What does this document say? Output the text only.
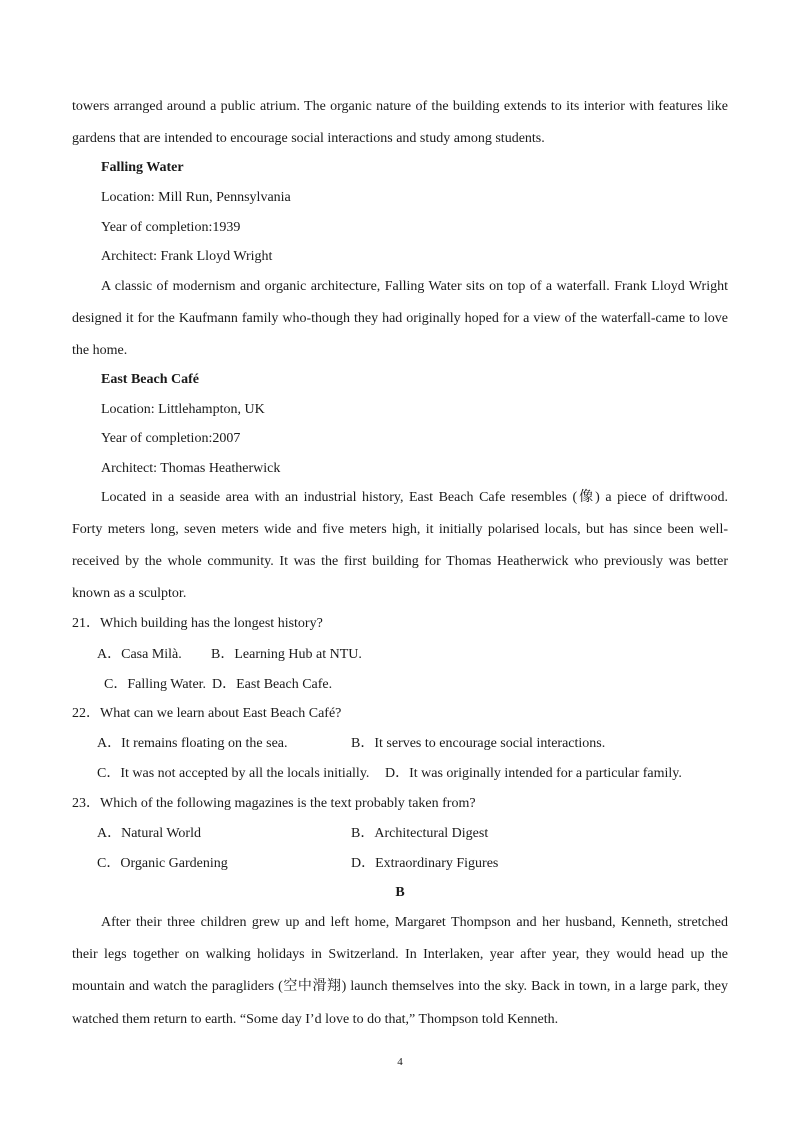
towers arranged around a public atrium. The organic nature of the building extends to its interior with features like
gardens that are intended to encourage social interactions and study among students.
Falling Water
Location: Mill Run, Pennsylvania
Year of completion:1939
Architect: Frank Lloyd Wright
A classic of modernism and organic architecture, Falling Water sits on top of a waterfall. Frank Lloyd Wright
designed it for the Kaufmann family who-though they had originally hoped for a view of the waterfall-came to love
the home.
East Beach Café
Location: Littlehampton, UK
Year of completion:2007
Architect: Thomas Heatherwick
Located in a seaside area with an industrial history, East Beach Cafe resembles (像) a piece of driftwood.
Forty meters long, seven meters wide and five meters high, it initially polarised locals, but has since been well-
received by the whole community. It was the first building for Thomas Heatherwick who previously was better
known as a sculptor.
21．Which building has the longest history?
A．Casa Milà. B．Learning Hub at NTU.
C．Falling Water. D．East Beach Cafe.
22．What can we learn about East Beach Café?
A．It remains floating on the sea.	B．It serves to encourage social interactions.
C．It was not accepted by all the locals initially. D．It was originally intended for a particular family.
23．Which of the following magazines is the text probably taken from?
A．Natural World	B．Architectural Digest
C．Organic Gardening	D．Extraordinary Figures
B
After their three children grew up and left home, Margaret Thompson and her husband, Kenneth, stretched
their legs together on walking holidays in Switzerland. In Interlaken, year after year, they would head up the
mountain and watch the paragliders (空中滑翔) launch themselves into the sky. Back in town, in a large park, they
watched them return to earth. “Some day I’d love to do that,” Thompson told Kenneth.
4
